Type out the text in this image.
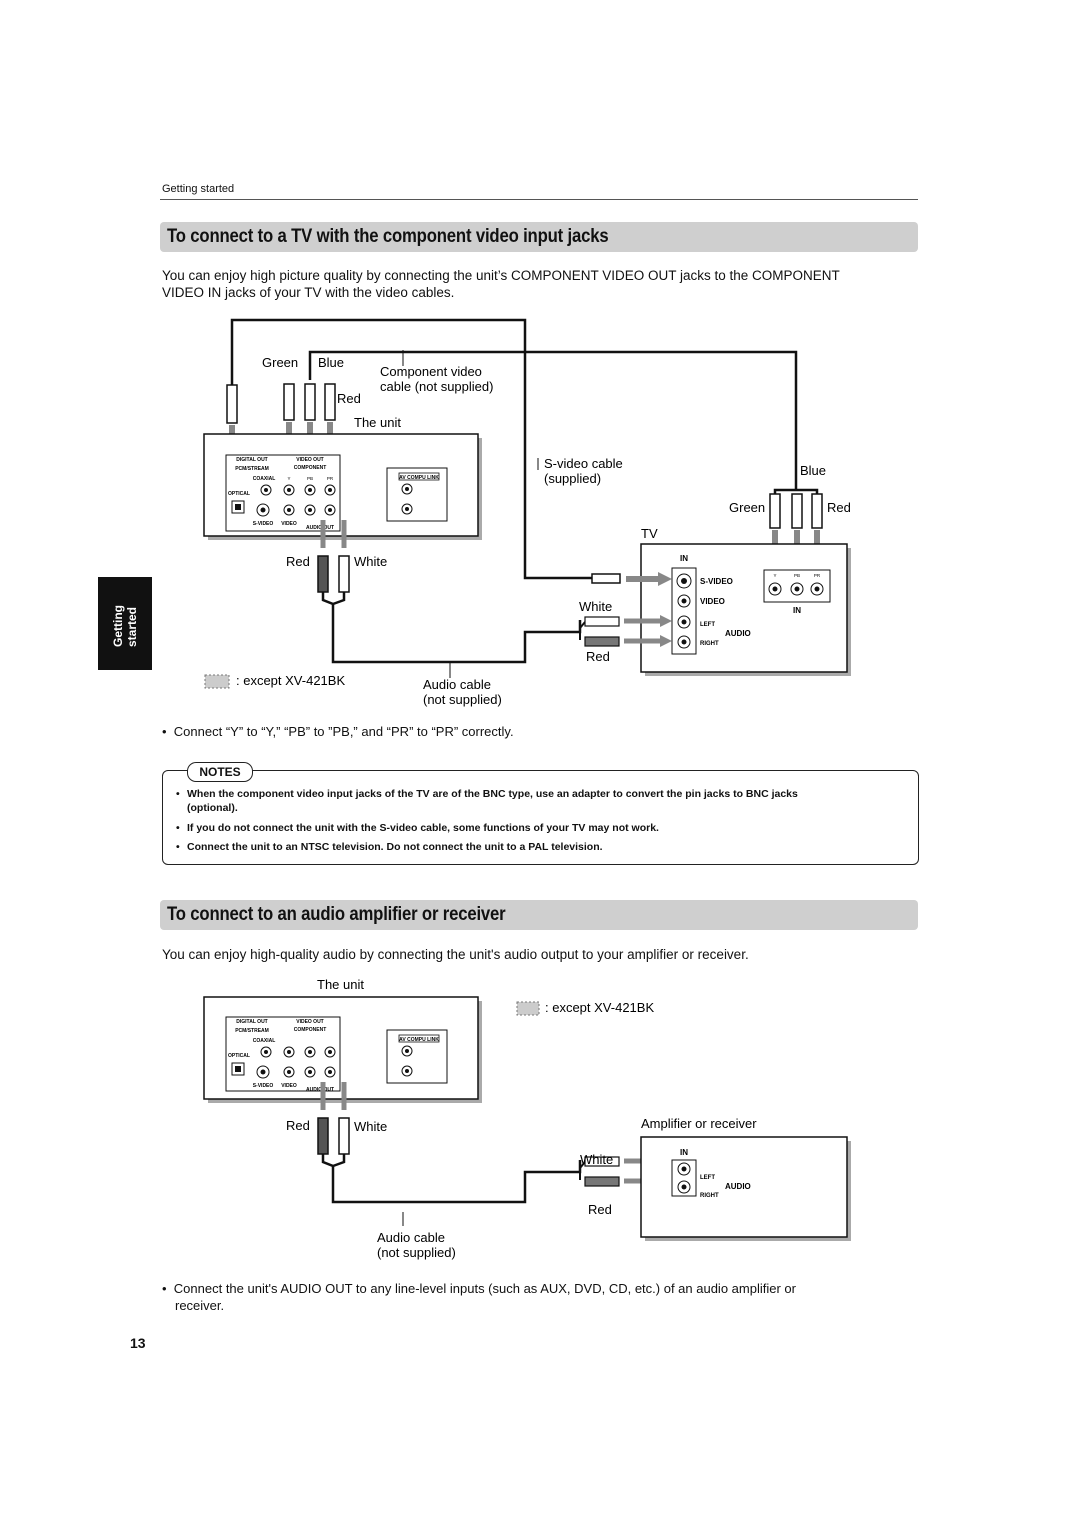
Getting started
Getting started
To connect to a TV with the component video input jacks
You can enjoy high picture quality by connecting the unit’s COMPONENT VIDEO OUT jacks to the COMPONENT
VIDEO IN jacks of your TV with the video cables.
Green Blue
Red
Component video
cable (not supplied)
The unit
AV COMPU LINK
DIGITAL OUT
PCM/STREAM
COAXIAL
OPTICAL
VIDEO OUT
COMPONENT
Y	PB	PR
S-VIDEO VIDEO
AUDIO OUT
S-video cable
(supplied)
Blue
Green	Red
TV
IN
S-VIDEO
VIDEO
LEFT
RIGHT
AUDIO
Y	PB	PR
IN
Red	White
White
Red
: except XV-421BK	Audio cable
(not supplied)
•  Connect “Y” to “Y,” “PB” to ”PB,” and “PR” to “PR” correctly.
NOTES
• When the component video input jacks of the TV are of the BNC type, use an adapter to convert the pin jacks to BNC jacks
(optional).
• If you do not connect the unit with the S-video cable, some functions of your TV may not work.
• Connect the unit to an NTSC television. Do not connect the unit to a PAL television.
To connect to an audio amplifier or receiver
You can enjoy high-quality audio by connecting the unit's audio output to your amplifier or receiver.
The unit
: except XV-421BK
AV COMPU LINK
DIGITAL OUT
PCM/STREAM
COAXIAL
OPTICAL
VIDEO OUT
COMPONENT
S-VIDEO VIDEO
AUDIO OUT
Red	White
White
Red
Amplifier or receiver
IN
LEFT
RIGHT
AUDIO
Audio cable
(not supplied)
•  Connect the unit's AUDIO OUT to any line-level inputs (such as AUX, DVD, CD, etc.) of an audio amplifier or
receiver.
13
